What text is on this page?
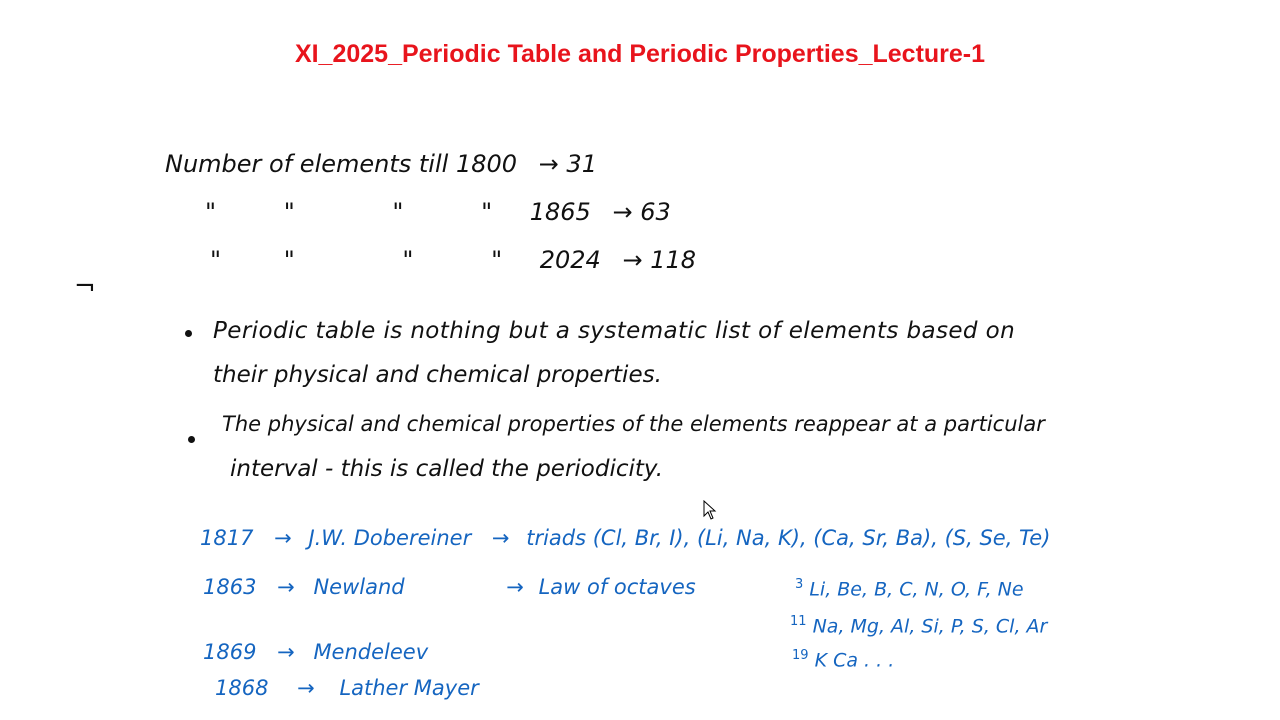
XI_2025_Periodic Table and Periodic Properties_Lecture-1
Number of elements till 1800 → 31
"	"	"	" 1865 → 63
"	"	"	" 2024 → 118
¬
Periodic table is nothing but a systematic list of elements based on
their physical and chemical properties.
The physical and chemical properties of the elements reappear at a particular
interval - this is called the periodicity.
1817 → J.W. Dobereiner → triads (Cl, Br, I), (Li, Na, K), (Ca, Sr, Ba), (S, Se, Te)
1863 → Newland	→ Law of octaves
1869 → Mendeleev
1868 → Lather Mayer
$^3$ Li, Be, B, C, N, O, F, Ne
$^{11}$ Na, Mg, Al, Si, P, S, Cl, Ar
$^{19}$ K Ca . . .
